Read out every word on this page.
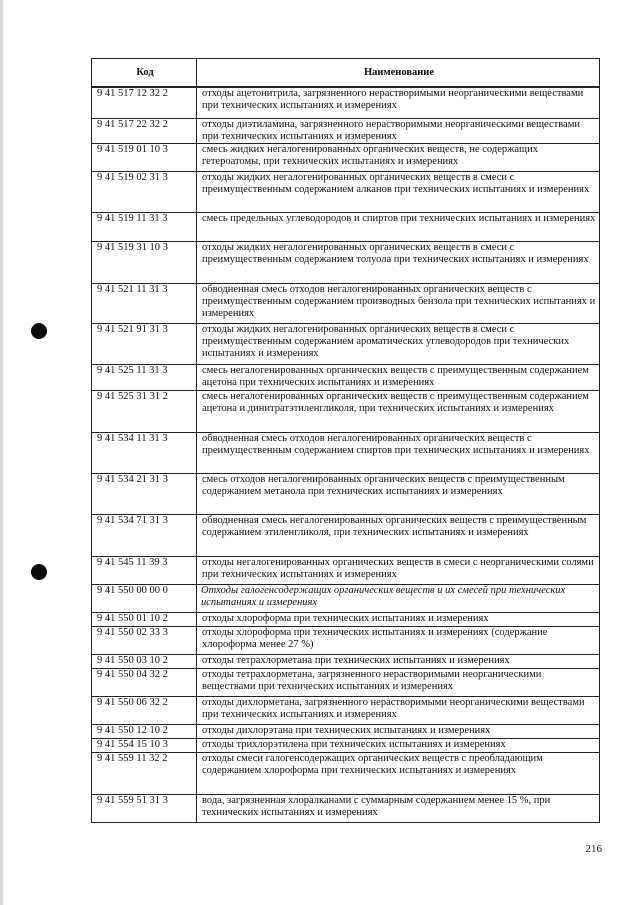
Код	Наименование
9 41 517 12 32 2	отходы ацетонитрила, загрязненного нерастворимыми неорганическими веществами при технических испытаниях и измерениях
9 41 517 22 32 2	отходы диэтиламина, загрязненного нерастворимыми неорганическими веществами при технических испытаниях и измерениях
9 41 519 01 10 3	смесь жидких негалогенированных органических веществ, не содержащих гетероатомы, при технических испытаниях и измерениях
9 41 519 02 31 3	отходы жидких негалогенированных органических веществ в смеси с преимущественным содержанием алканов при технических испытаниях и измерениях
9 41 519 11 31 3	смесь предельных углеводородов и спиртов при технических испытаниях и измерениях
9 41 519 31 10 3	отходы жидких негалогенированных органических веществ в смеси с преимущественным содержанием толуола при технических испытаниях и измерениях
9 41 521 11 31 3	обводненная смесь отходов негалогенированных органических веществ с преимущественным содержанием производных бензола при технических испытаниях и измерениях
9 41 521 91 31 3	отходы жидких негалогенированных органических веществ в смеси с преимущественным содержанием ароматических углеводородов при технических испытаниях и измерениях
9 41 525 11 31 3	смесь негалогенированных органических веществ с преимущественным содержанием ацетона при технических испытаниях и измерениях
9 41 525 31 31 2	смесь негалогенированных органических веществ с преимущественным содержанием ацетона и динитратэтиленгликоля, при технических испытаниях и измерениях
9 41 534 11 31 3	обводненная смесь отходов негалогенированных органических веществ с преимущественным содержанием спиртов при технических испытаниях и измерениях
9 41 534 21 31 3	смесь отходов негалогенированных органических веществ с преимущественным содержанием метанола при технических испытаниях и измерениях
9 41 534 71 31 3	обводненная смесь негалогенированных органических веществ с преимущественным содержанием этиленгликоля, при технических испытаниях и измерениях
9 41 545 11 39 3	отходы негалогенированных органических веществ в смеси с неорганическими солями при технических испытаниях и измерениях
9 41 550 00 00 0	Отходы галогенсодержащих органических веществ и их смесей при технических испытаниях и измерениях
9 41 550 01 10 2	отходы хлороформа при технических испытаниях и измерениях
9 41 550 02 33 3	отходы хлороформа при технических испытаниях и измерениях (содержание хлороформа менее 27 %)
9 41 550 03 10 2	отходы тетрахлорметана при технических испытаниях и измерениях
9 41 550 04 32 2	отходы тетрахлорметана, загрязненного нерастворимыми неорганическими веществами при технических испытаниях и измерениях
9 41 550 06 32 2	отходы дихлорметана, загрязненного нерастворимыми неорганическими веществами при технических испытаниях и измерениях
9 41 550 12 10 2	отходы дихлорэтана при технических испытаниях и измерениях
9 41 554 15 10 3	отходы трихлорэтилена при технических испытаниях и измерениях
9 41 559 11 32 2	отходы смеси галогенсодержащих органических веществ с преобладающим содержанием хлороформа при технических испытаниях и измерениях
9 41 559 51 31 3	вода, загрязненная хлоралканами с суммарным содержанием менее 15 %, при технических испытаниях и измерениях
216
